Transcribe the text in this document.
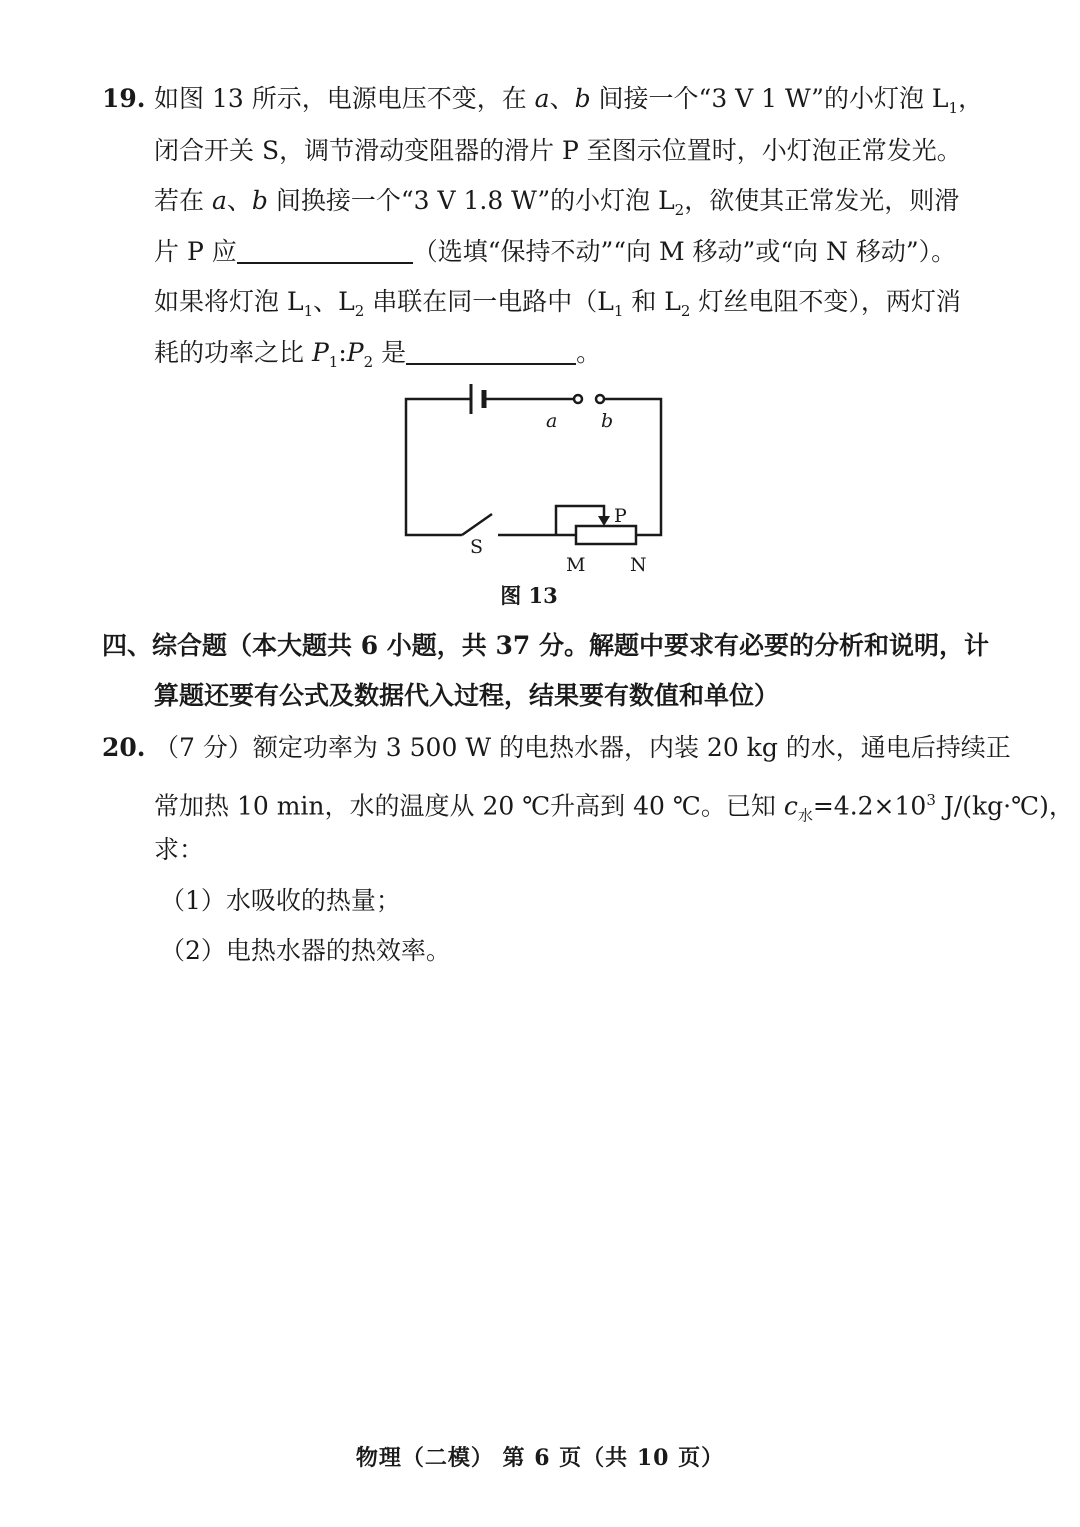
19. 如图 13 所示，电源电压不变，在 a、b 间接一个“3 V 1 W”的小灯泡 $L_1$，
闭合开关 S，调节滑动变阻器的滑片 P 至图示位置时，小灯泡正常发光。
若在 a、b 间换接一个“3 V 1.8 W”的小灯泡 $L_2$，欲使其正常发光，则滑
片 P 应	（选填“保持不动”“向 M 移动”或“向 N 移动”）。
如果将灯泡 $L_1$、$L_2$ 串联在同一电路中（$L_1$ 和 $L_2$ 灯丝电阻不变），两灯消
耗的功率之比 $P_1:P_2$ 是	。
a b
S
P
M N
图 13
四、综合题（本大题共 6 小题，共 37 分。解题中要求有必要的分析和说明，计
算题还要有公式及数据代入过程，结果要有数值和单位）
20. （7 分）额定功率为 3 500 W 的电热水器，内装 20 kg 的水，通电后持续正
常加热 10 min，水的温度从 20 ℃升高到 40 ℃。已知 $c_水=4.2\times 10^3$ J/(kg·℃)，
求：
（1）水吸收的热量；
（2）电热水器的热效率。
物理（二模） 第 6 页（共 10 页）
